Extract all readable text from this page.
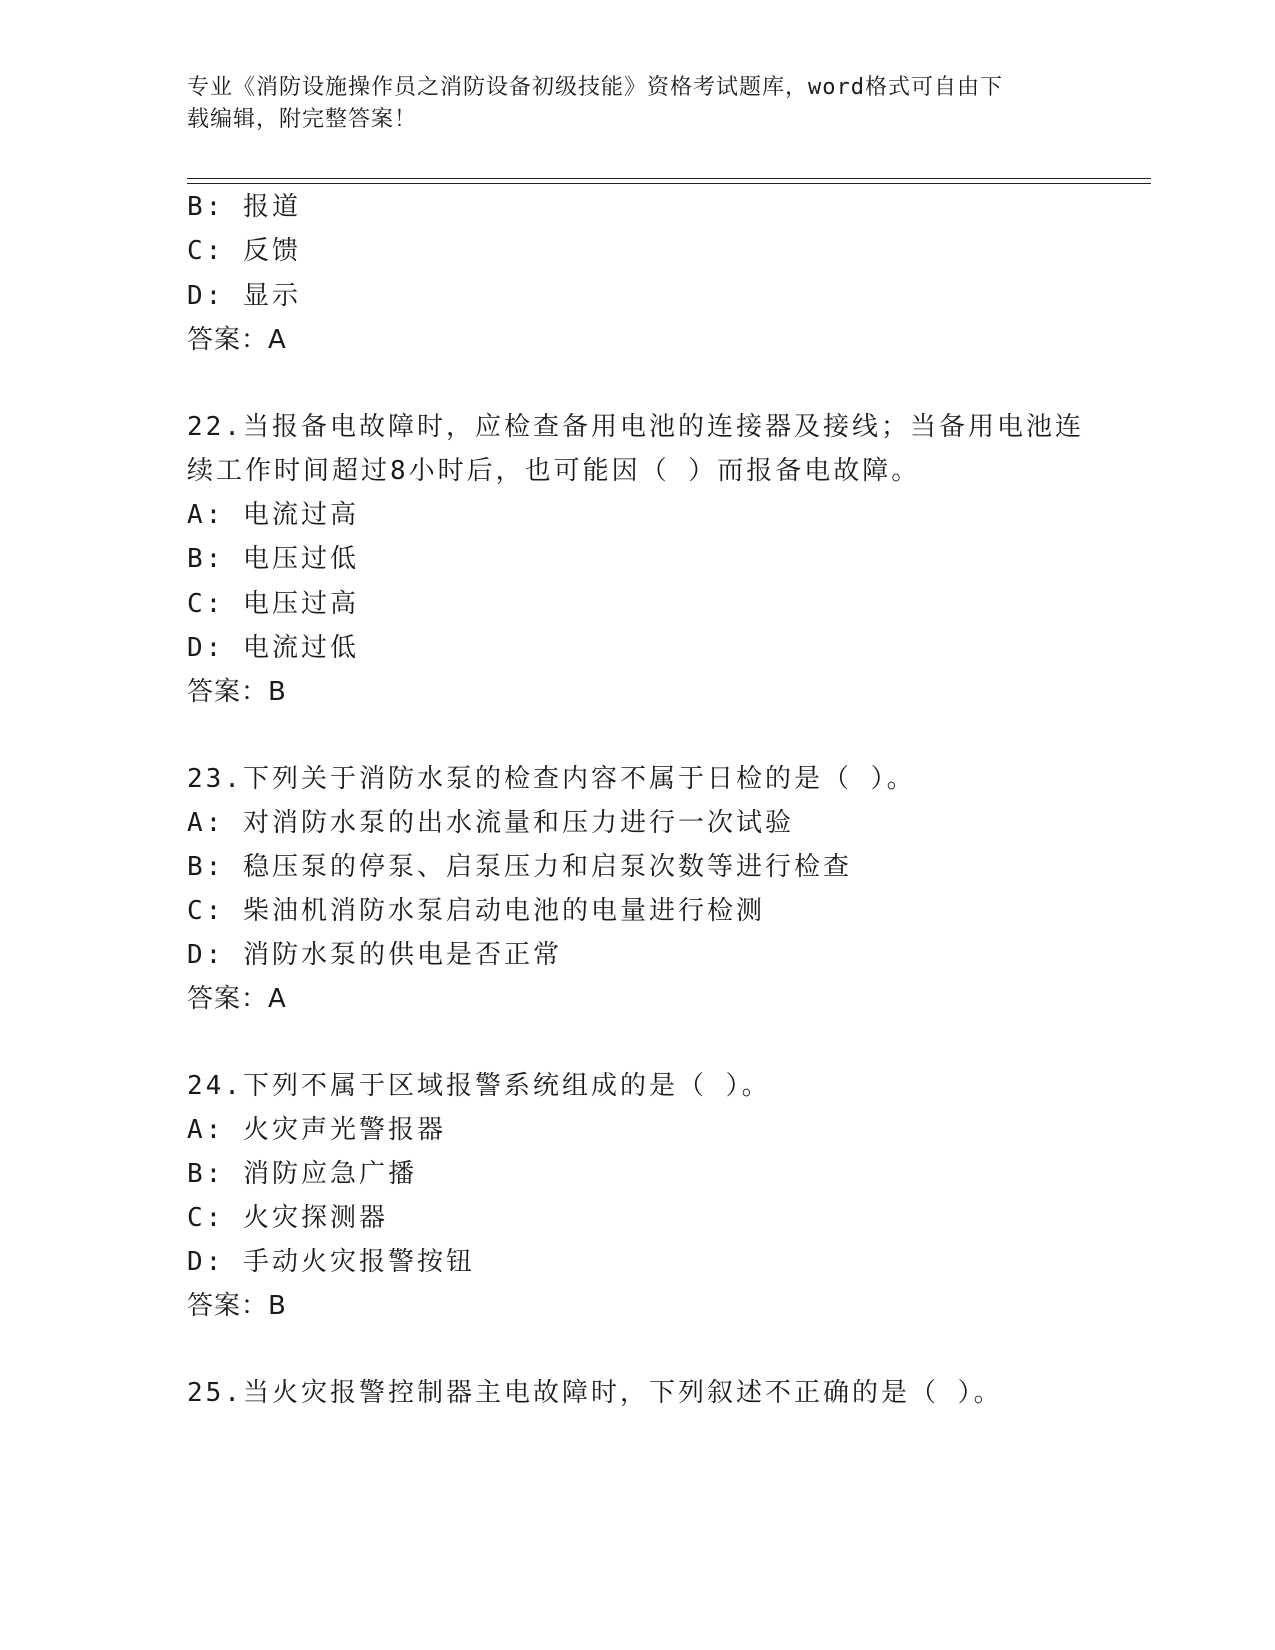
专业《消防设施操作员之消防设备初级技能》资格考试题库，word格式可自由下
载编辑，附完整答案！
B: 报道
C: 反馈
D: 显示
答案：A
22.当报备电故障时，应检查备用电池的连接器及接线；当备用电池连
续工作时间超过8小时后，也可能因（ ）而报备电故障。
A: 电流过高
B: 电压过低
C: 电压过高
D: 电流过低
答案：B
23.下列关于消防水泵的检查内容不属于日检的是（ ）。
A: 对消防水泵的出水流量和压力进行一次试验
B: 稳压泵的停泵、启泵压力和启泵次数等进行检查
C: 柴油机消防水泵启动电池的电量进行检测
D: 消防水泵的供电是否正常
答案：A
24.下列不属于区域报警系统组成的是（ ）。
A: 火灾声光警报器
B: 消防应急广播
C: 火灾探测器
D: 手动火灾报警按钮
答案：B
25.当火灾报警控制器主电故障时，下列叙述不正确的是（ ）。
